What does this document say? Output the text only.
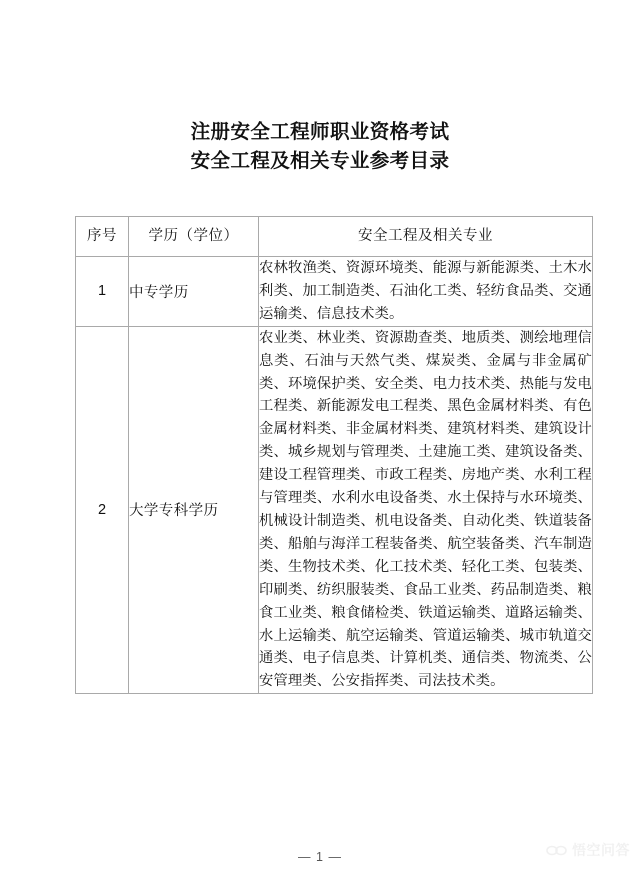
注册安全工程师职业资格考试
安全工程及相关专业参考目录
序号	学历（学位）	安全工程及相关专业

1	中专学历	农林牧渔类、资源环境类、能源与新能源类、土木水利类、加工制造类、石油化工类、轻纺食品类、交通运输类、信息技术类。

2	大学专科学历	农业类、林业类、资源勘查类、地质类、测绘地理信息类、石油与天然气类、煤炭类、金属与非金属矿类、环境保护类、安全类、电力技术类、热能与发电工程类、新能源发电工程类、黑色金属材料类、有色金属材料类、非金属材料类、建筑材料类、建筑设计类、城乡规划与管理类、土建施工类、建筑设备类、建设工程管理类、市政工程类、房地产类、水利工程与管理类、水利水电设备类、水土保持与水环境类、机械设计制造类、机电设备类、自动化类、铁道装备类、船舶与海洋工程装备类、航空装备类、汽车制造类、生物技术类、化工技术类、轻化工类、包装类、印刷类、纺织服装类、食品工业类、药品制造类、粮食工业类、粮食储检类、铁道运输类、道路运输类、水上运输类、航空运输类、管道运输类、城市轨道交通类、电子信息类、计算机类、通信类、物流类、公安管理类、公安指挥类、司法技术类。
— 1 —	悟空问答
